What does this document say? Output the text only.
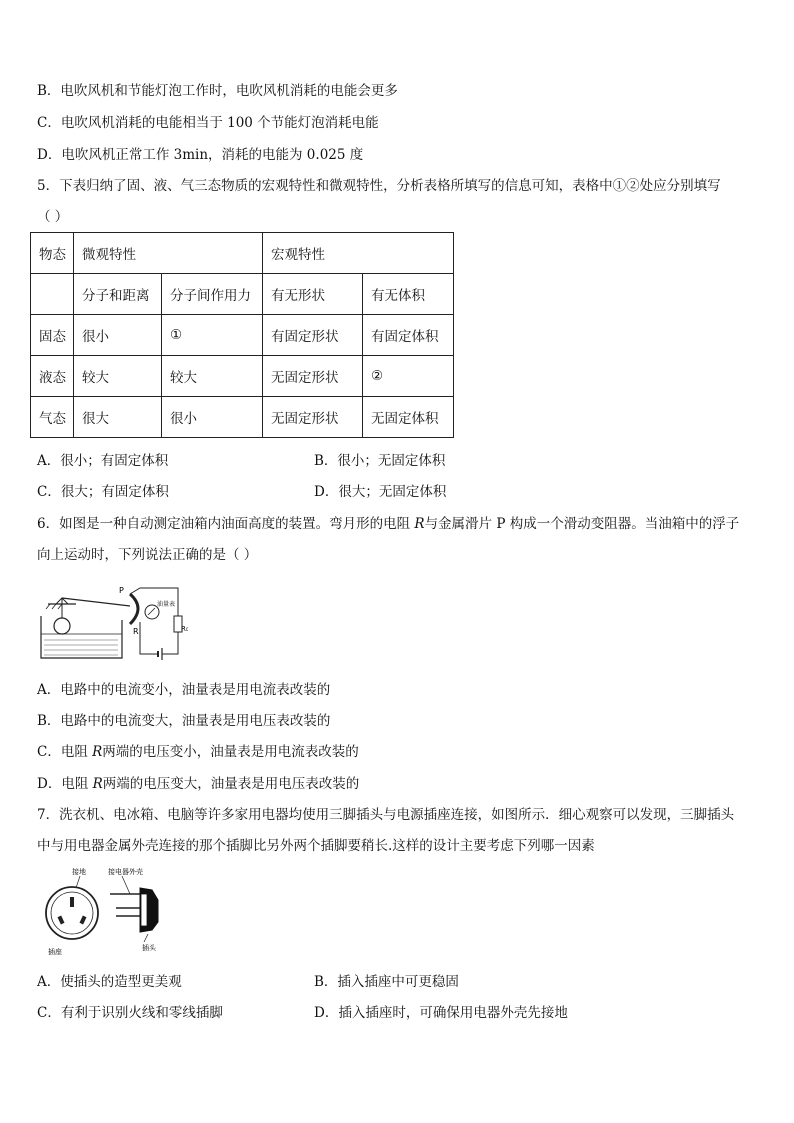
B．电吹风机和节能灯泡工作时，电吹风机消耗的电能会更多
C．电吹风机消耗的电能相当于 100 个节能灯泡消耗电能
D．电吹风机正常工作 3min，消耗的电能为 0.025 度
5．下表归纳了固、液、气三态物质的宏观特性和微观特性，分析表格所填写的信息可知，表格中①②处应分别填写
（ ）
物态	微观特性		宏观特性	
	分子和距离	分子间作用力	有无形状	有无体积
固态	很小	①	有固定形状	有固定体积
液态	较大	较大	无固定形状	②
气态	很大	很小	无固定形状	无固定体积
A．很小；有固定体积	B．很小；无固定体积
C．很大；有固定体积	D．很大；无固定体积
6．如图是一种自动测定油箱内油面高度的装置。弯月形的电阻 R与金属滑片 P 构成一个滑动变阻器。当油箱中的浮子
向上运动时，下列说法正确的是（ ）
P
R
油量表
R₀
A．电路中的电流变小，油量表是用电流表改装的
B．电路中的电流变大，油量表是用电压表改装的
C．电阻 R两端的电压变小，油量表是用电流表改装的
D．电阻 R两端的电压变大，油量表是用电压表改装的
7．洗衣机、电冰箱、电脑等许多家用电器均使用三脚插头与电源插座连接，如图所示．细心观察可以发现，三脚插头
中与用电器金属外壳连接的那个插脚比另外两个插脚要稍长.这样的设计主要考虑下列哪一因素
接地
插座
接电器外壳
插头
A．使插头的造型更美观	B．插入插座中可更稳固
C．有利于识别火线和零线插脚	D．插入插座时，可确保用电器外壳先接地
